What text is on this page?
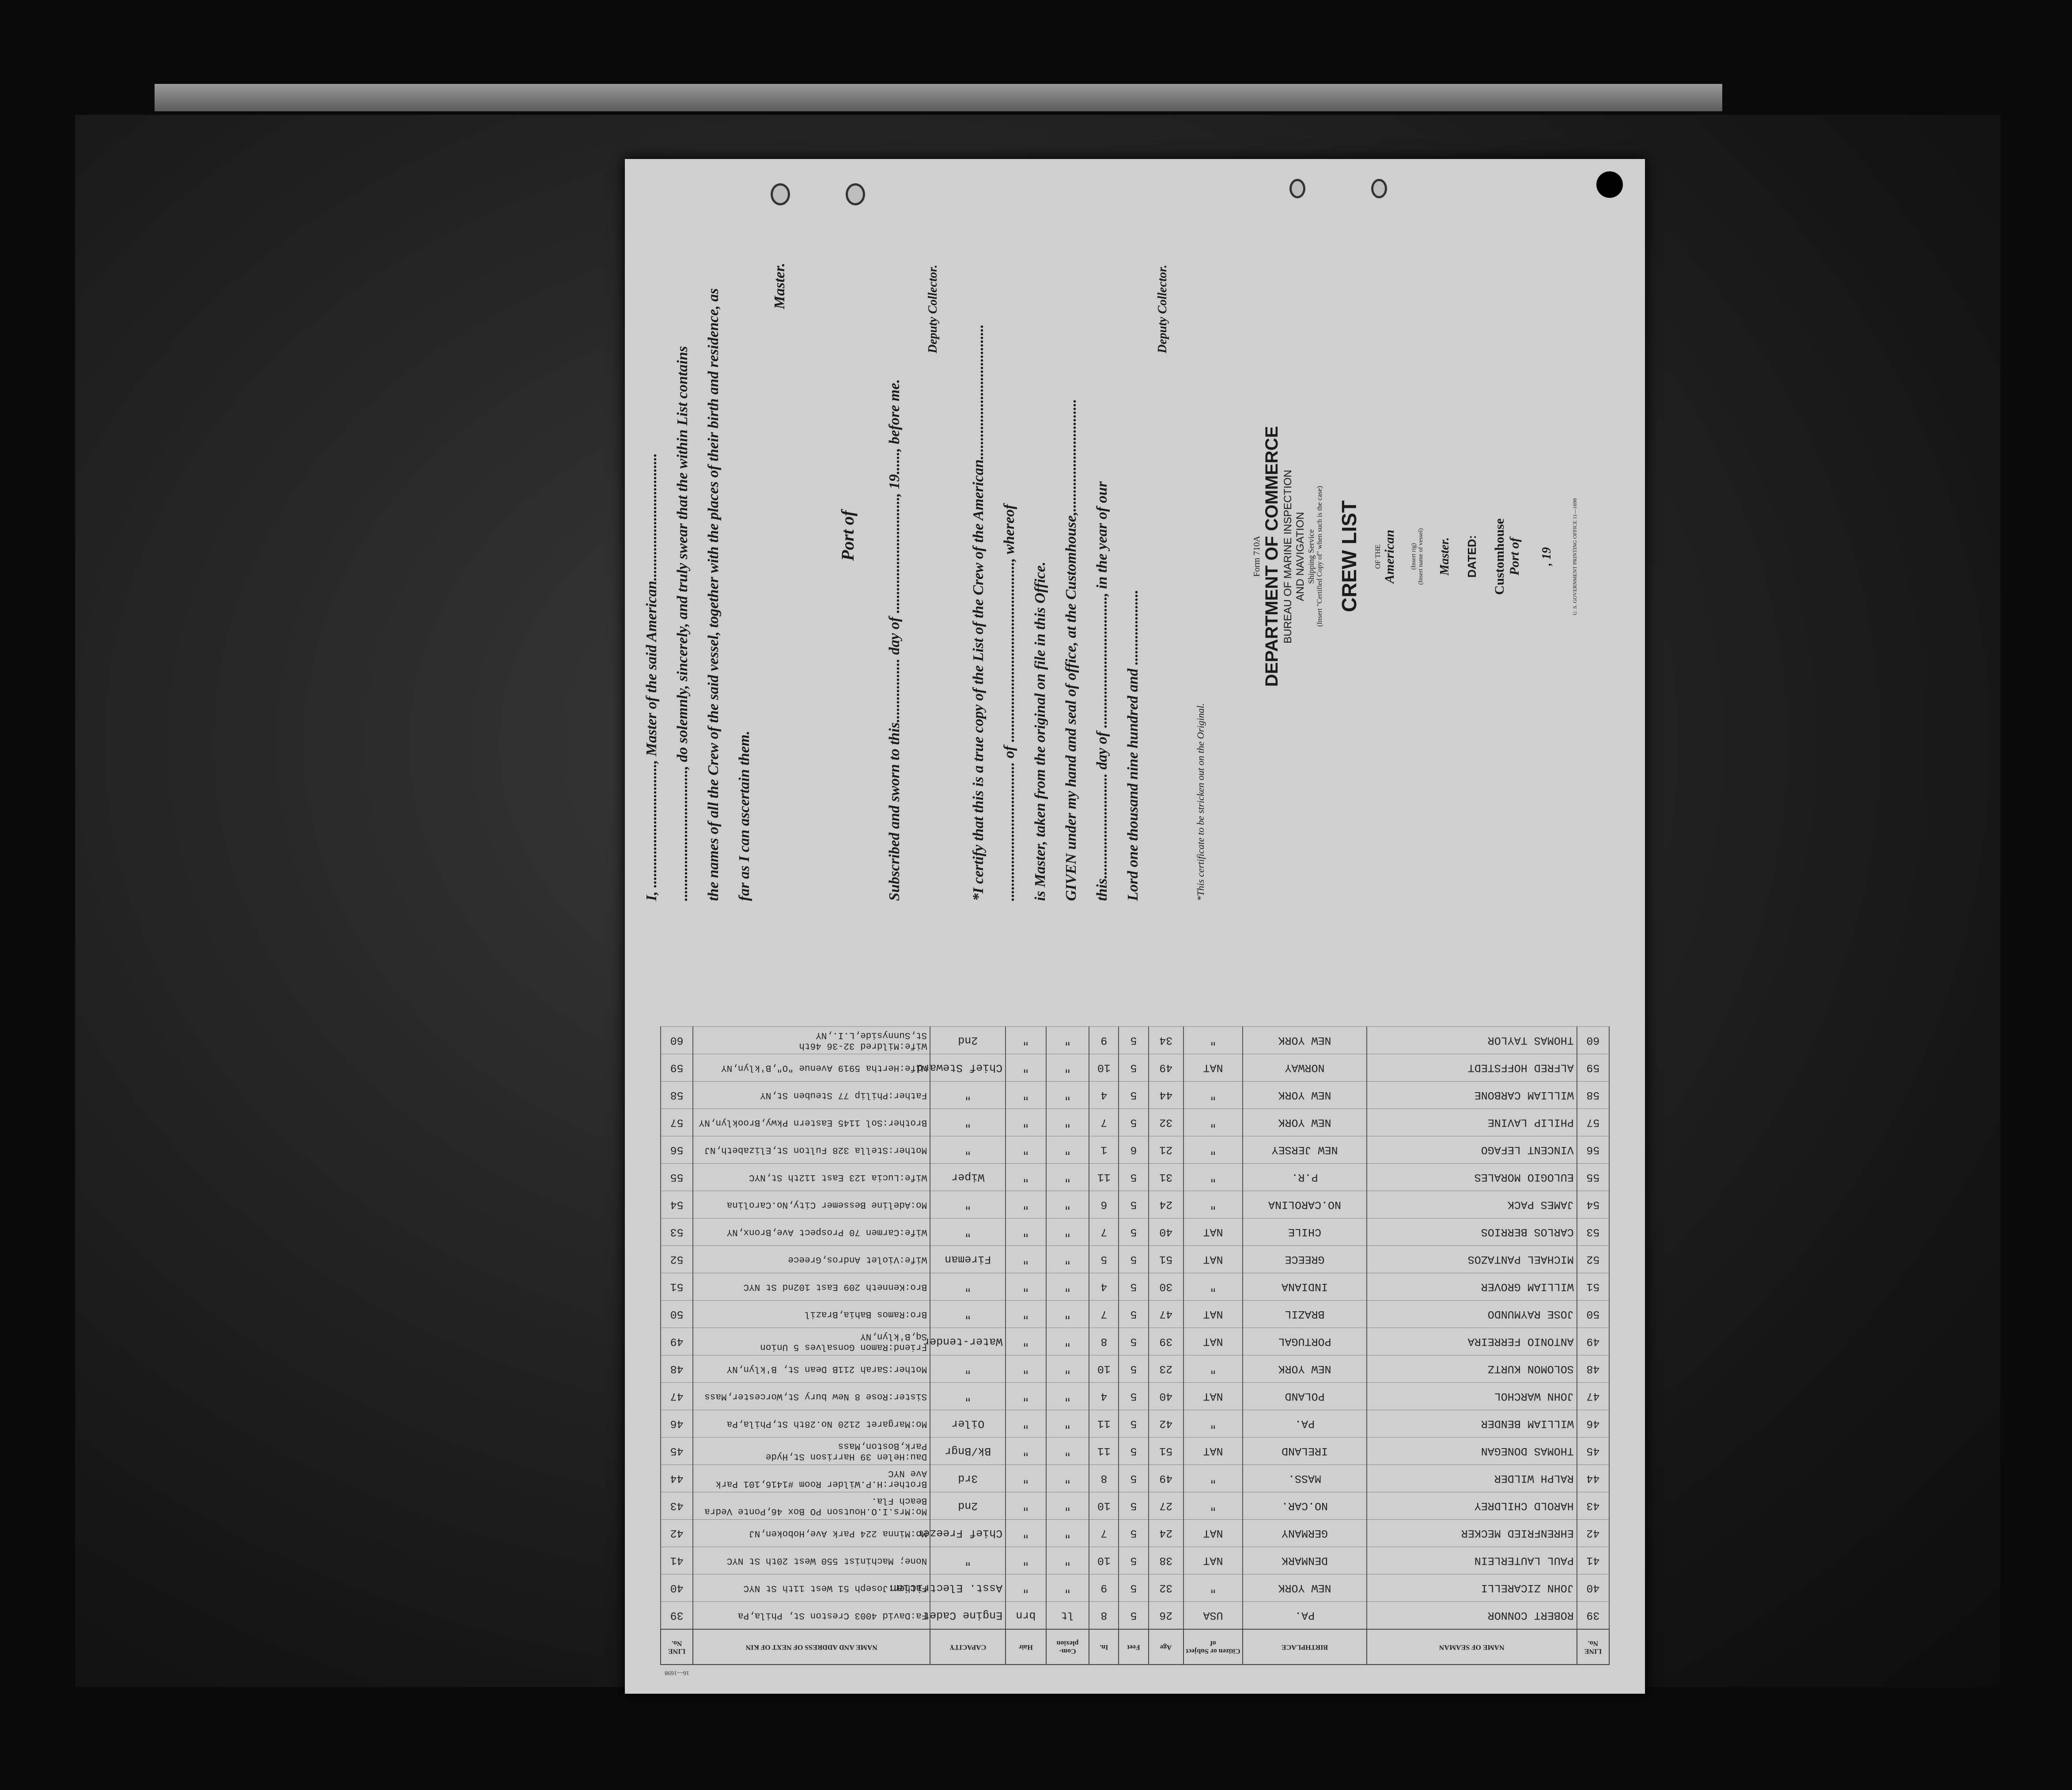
I, ................................., Master of the said American.................................. ..................................., do solemnly, sincerely, and truly swear that the within List contains the names of all the Crew of the said vessel, together with the places of their birth and residence, as far as I can ascertain them.
Master.
Port of Subscribed and sworn to this................. day of ..............................., 19......, before me.
Deputy Collector.
*I certify that this is a true copy of the List of the Crew of the American.................................... ..................................... of ................................................, whereof is Master, taken from the original on file in this Office. GIVEN under my hand and seal of office, at the Customhouse,.............................. this............................ day of ..................................., in the year of our Lord one thousand nine hundred and ....................
Deputy Collector.
*This certificate to be stricken out on the Original.
Form 710A DEPARTMENT OF COMMERCE BUREAU OF MARINE INSPECTION AND NAVIGATION Shipping Service (Insert "Certified Copy of" when such is the case) CREW LIST OF THE American (Insert rig) (Insert name of vessel) Master. DATED: Customhouse Port of , 19	U. S. GOVERNMENT PRINTING OFFICE 11—1698
16—1698
LINE No.	NAME OF SEAMAN	BIRTHPLACE	Citizen or Subject of	Age	Feet	In.	Com-plexion	Hair	CAPACITY	NAME AND ADDRESS OF NEXT OF KIN	LINE No.
39	ROBERT CONNOR	PA.	USA	26	5	8	lt	brn	Engine Cadet	Fa:David 4003 Creston St, Phila,Pa	39
40	JOHN ZICARELLI	NEW YORK	"	32	5	9	"	"	Asst. Electrician	Father:Joseph 51 West 11th St NYC	40
41	PAUL LAUTERLEIN	DENMARK	NAT	38	5	10	"	"	"	None; Machinist 550 West 20th St NYC	41
42	EHRENFRIED MECKER	GERMANY	NAT	24	5	7	"	"	Chief Freezer	Mo:Minna 224 Park Ave,Hoboken,NJ	42
43	HAROLD CHILDREY	NO.CAR.	"	27	5	10	"	"	2nd	Mo:Mrs.I.O.Houtson PO Box 46,Ponte Vedra Beach Fla.	43
44	RALPH WILDER	MASS.	"	49	5	8	"	"	3rd	Brother:H.P.Wilder Room #1416,101 Park Ave NYC	44
45	THOMAS DONEGAN	IRELAND	NAT	51	5	11	"	"	Bk/Bngr	Dau:Helen 39 Harrison St,Hyde Park,Boston,Mass	45
46	WILLIAM BENDER	PA.	"	42	5	11	"	"	Oiler	Mo:Margaret 2120 No.28th St,Phila,Pa	46
47	JOHN WARCHOL	POLAND	NAT	40	5	4	"	"	"	Sister:Rose 8 New bury St,Worcester,Mass	47
48	SOLOMON KURTZ	NEW YORK	"	23	5	10	"	"	"	Mother:Sarah 211B Dean St, B'klyn,NY	48
49	ANTONIO FERREIRA	PORTUGAL	NAT	39	5	8	"	"	Water-tender	Friend:Ramon Gonsalves 5 Union Sq,B'klyn,NY	49
50	JOSE RAYMUNDO	BRAZIL	NAT	47	5	7	"	"	"	Bro:Ramos Bahia,Brazil	50
51	WILLIAM GROVER	INDIANA	"	30	5	4	"	"	"	Bro:Kenneth 209 East 102nd St NYC	51
52	MICHAEL PANTAZOS	GREECE	NAT	51	5	5	"	"	Fireman	Wife:Violet Andros,Greece	52
53	CARLOS BERRIOS	CHILE	NAT	40	5	7	"	"	"	Wife:Carmen 70 Prospect Ave,Bronx,NY	53
54	JAMES PACK	NO.CAROLINA	"	24	5	6	"	"	"	Mo:Adeline Bessemer City,No.Carolina	54
55	EULOGIO MORALES	P.R.	"	31	5	11	"	"	Wiper	Wife:Lucia 123 East 112th St,NYC	55
56	VINCENT LEFAGO	NEW JERSEY	"	21	6	1	"	"	"	Mother:Stella 328 Fulton St,Elizabeth,NJ	56
57	PHILIP LAVINE	NEW YORK	"	32	5	7	"	"	"	Brother:Sol 1145 Eastern Pkwy,Brooklyn,NY	57
58	WILLIAM CARBONE	NEW YORK	"	44	5	4	"	"	"	Father:Philip 77 Steuben St,NY	58
59	ALFRED HOFFSTEDT	NORWAY	NAT	49	5	10	"	"	Chief Steward	Wife:Hertha 5919 Avenue "O",B'klyn,NY	59
60	THOMAS TAYLOR	NEW YORK	"	34	5	9	"	"	2nd	Wife:Mildred 32-36 46th St,Sunnyside,L.I.,NY	60
